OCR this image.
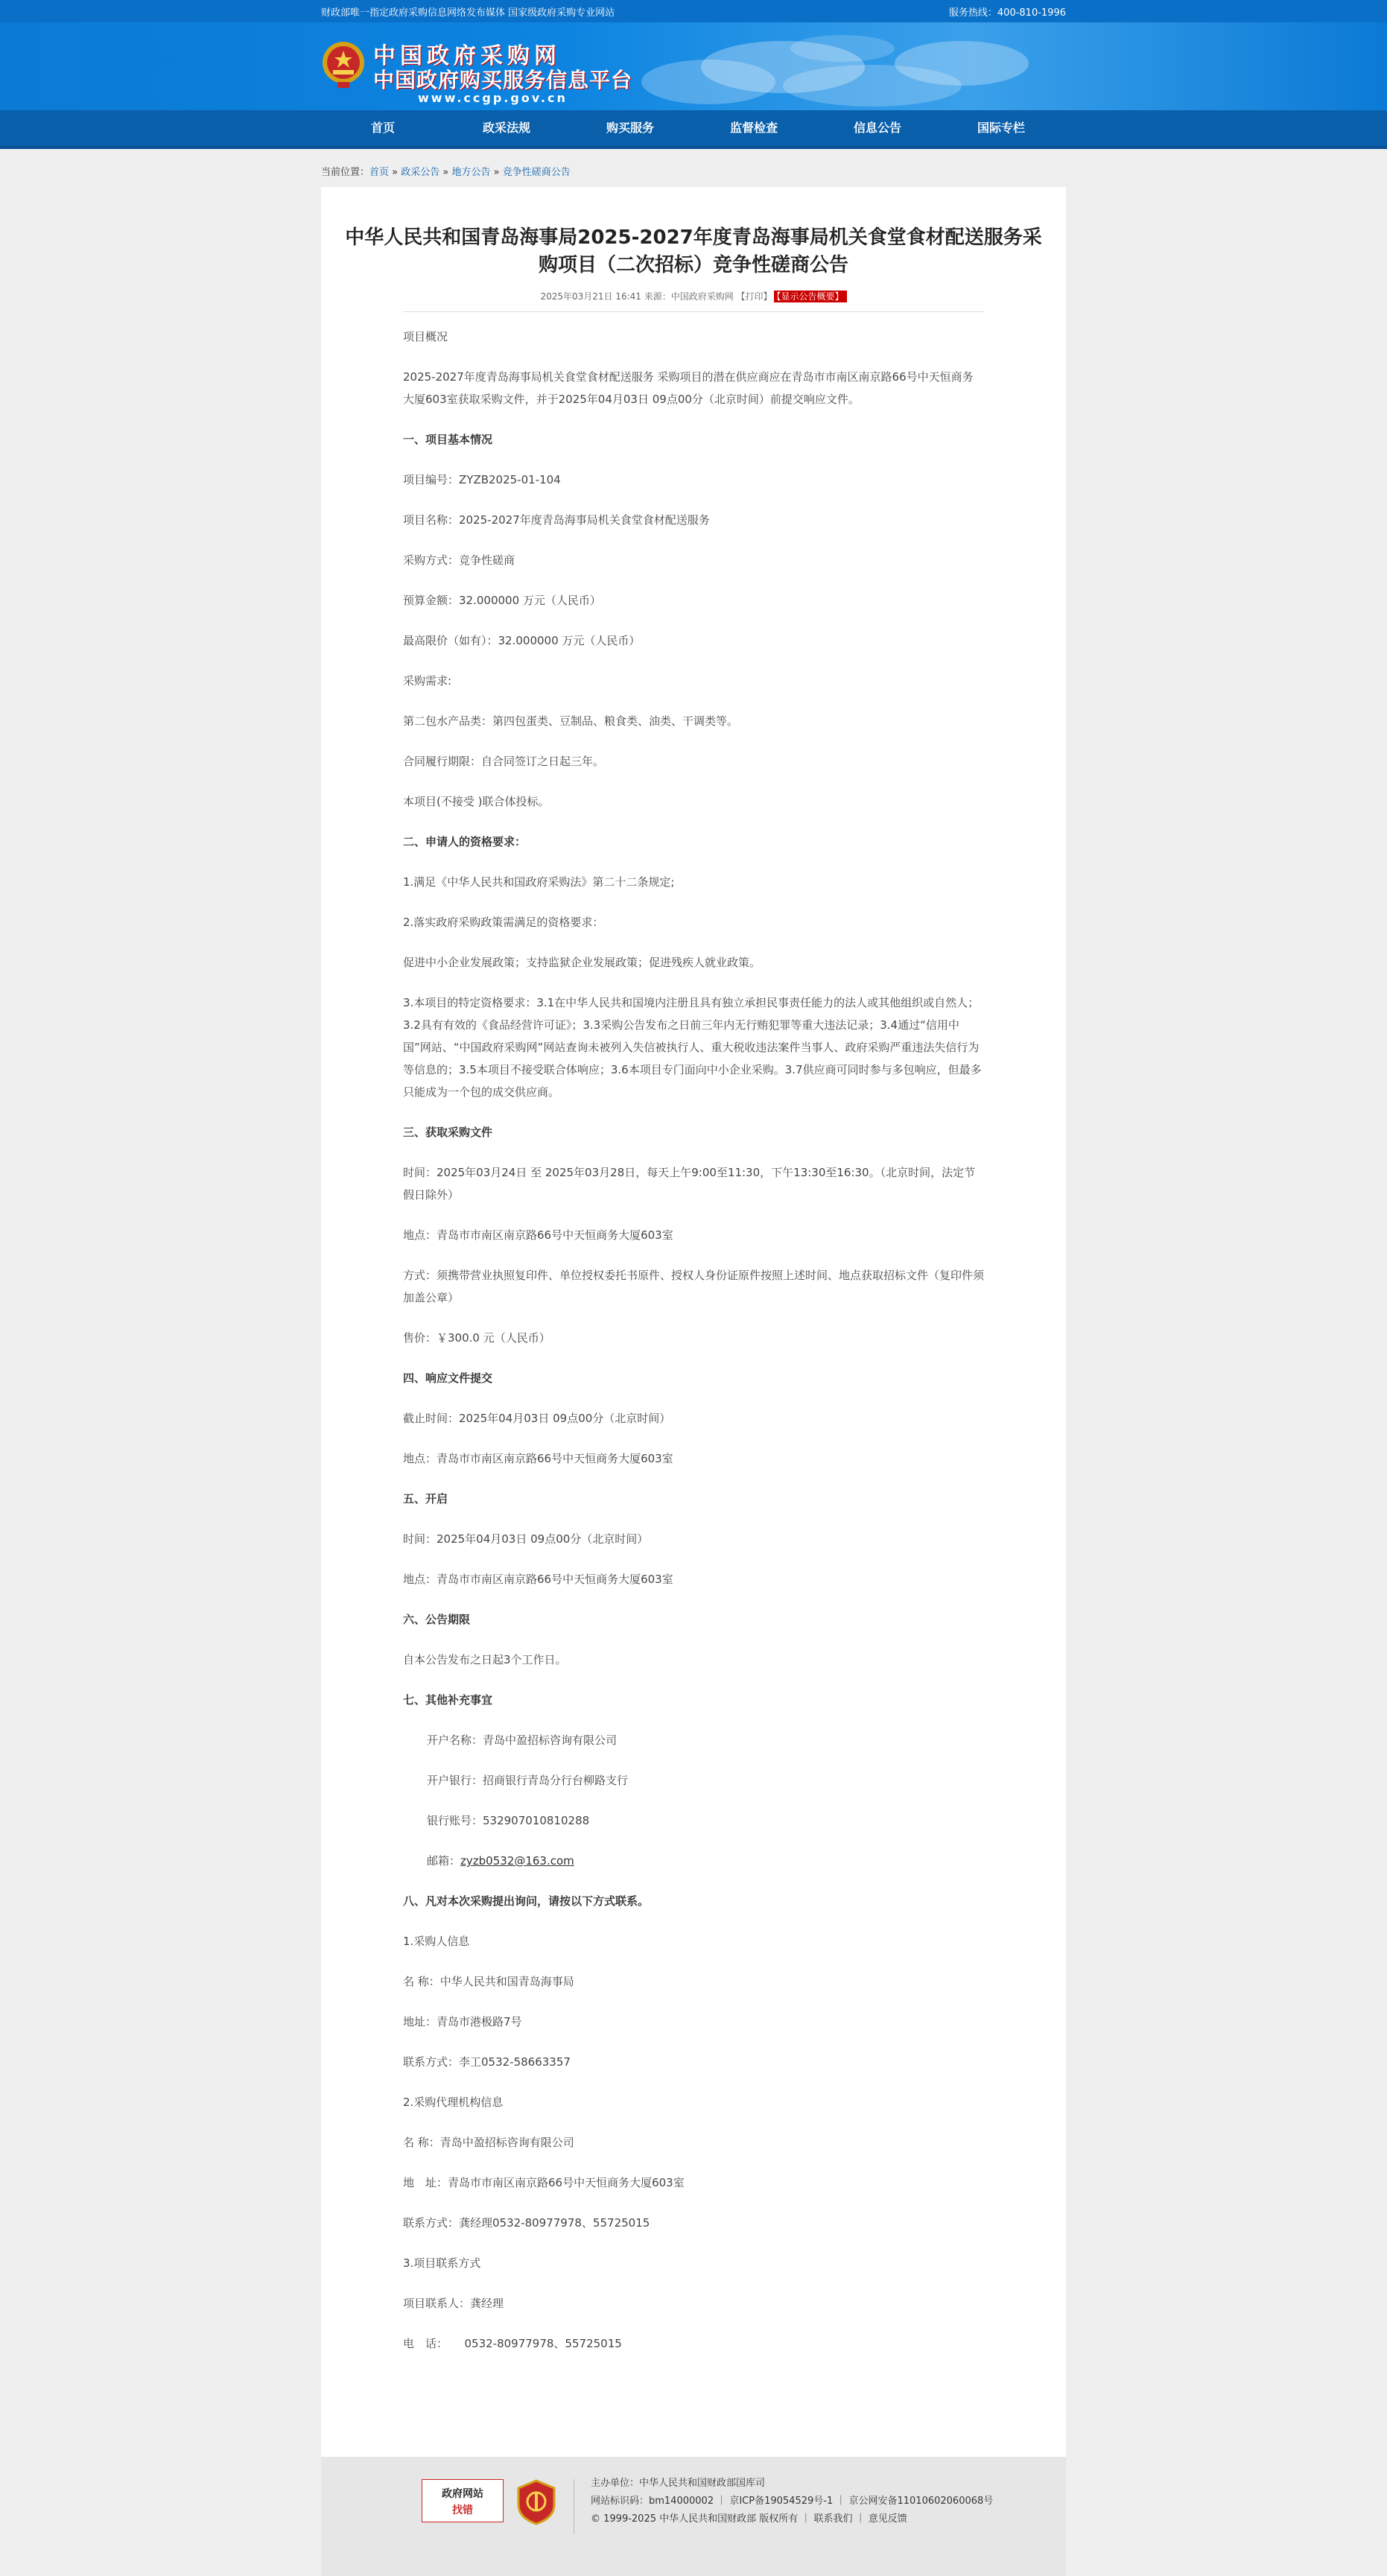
财政部唯一指定政府采购信息网络发布媒体 国家级政府采购专业网站	服务热线：400-810-1996
中国政府采购网
中国政府购买服务信息平台
www.ccgp.gov.cn
首页	政采法规	购买服务	监督检查	信息公告	国际专栏
当前位置：首页 » 政采公告 » 地方公告 » 竞争性磋商公告
中华人民共和国青岛海事局2025-2027年度青岛海事局机关食堂食材配送服务采购项目（二次招标）竞争性磋商公告
2025年03月21日 16:41 来源：中国政府采购网 【打印】 【显示公告概要】

项目概况

2025-2027年度青岛海事局机关食堂食材配送服务 采购项目的潜在供应商应在青岛市市南区南京路66号中天恒商务大厦603室获取采购文件，并于2025年04月03日 09点00分（北京时间）前提交响应文件。

一、项目基本情况

项目编号：ZYZB2025-01-104

项目名称：2025-2027年度青岛海事局机关食堂食材配送服务

采购方式：竞争性磋商

预算金额：32.000000 万元（人民币）

最高限价（如有）：32.000000 万元（人民币）

采购需求:

第二包水产品类：第四包蛋类、豆制品、粮食类、油类、干调类等。

合同履行期限：自合同签订之日起三年。

本项目(不接受 )联合体投标。

二、申请人的资格要求：

1.满足《中华人民共和国政府采购法》第二十二条规定;

2.落实政府采购政策需满足的资格要求：

促进中小企业发展政策；支持监狱企业发展政策；促进残疾人就业政策。

3.本项目的特定资格要求：3.1在中华人民共和国境内注册且具有独立承担民事责任能力的法人或其他组织或自然人；3.2具有有效的《食品经营许可证》；3.3采购公告发布之日前三年内无行贿犯罪等重大违法记录；3.4通过“信用中国”网站、“中国政府采购网”网站查询未被列入失信被执行人、重大税收违法案件当事人、政府采购严重违法失信行为等信息的；3.5本项目不接受联合体响应；3.6本项目专门面向中小企业采购。3.7供应商可同时参与多包响应，但最多只能成为一个包的成交供应商。

三、获取采购文件

时间：2025年03月24日 至 2025年03月28日，每天上午9:00至11:30，下午13:30至16:30。（北京时间，法定节假日除外）

地点：青岛市市南区南京路66号中天恒商务大厦603室

方式：须携带营业执照复印件、单位授权委托书原件、授权人身份证原件按照上述时间、地点获取招标文件（复印件须加盖公章）

售价：￥300.0 元（人民币）

四、响应文件提交

截止时间：2025年04月03日 09点00分（北京时间）

地点：青岛市市南区南京路66号中天恒商务大厦603室

五、开启

时间：2025年04月03日 09点00分（北京时间）

地点：青岛市市南区南京路66号中天恒商务大厦603室

六、公告期限

自本公告发布之日起3个工作日。

七、其他补充事宜

开户名称：青岛中盈招标咨询有限公司

开户银行：招商银行青岛分行台柳路支行

银行账号：532907010810288

邮箱：zyzb0532@163.com

八、凡对本次采购提出询问，请按以下方式联系。

1.采购人信息

名 称：中华人民共和国青岛海事局

地址：青岛市港极路7号

联系方式：李工0532-58663357

2.采购代理机构信息

名 称：青岛中盈招标咨询有限公司

地　址：青岛市市南区南京路66号中天恒商务大厦603室

联系方式：龚经理0532-80977978、55725015

3.项目联系方式

项目联系人：龚经理

电　话：　　0532-80977978、55725015

政府网站
找错
主办单位：中华人民共和国财政部国库司
网站标识码：bm14000002 ｜ 京ICP备19054529号-1 ｜ 京公网安备11010602060068号
© 1999-2025 中华人民共和国财政部 版权所有 ｜ 联系我们 ｜ 意见反馈
